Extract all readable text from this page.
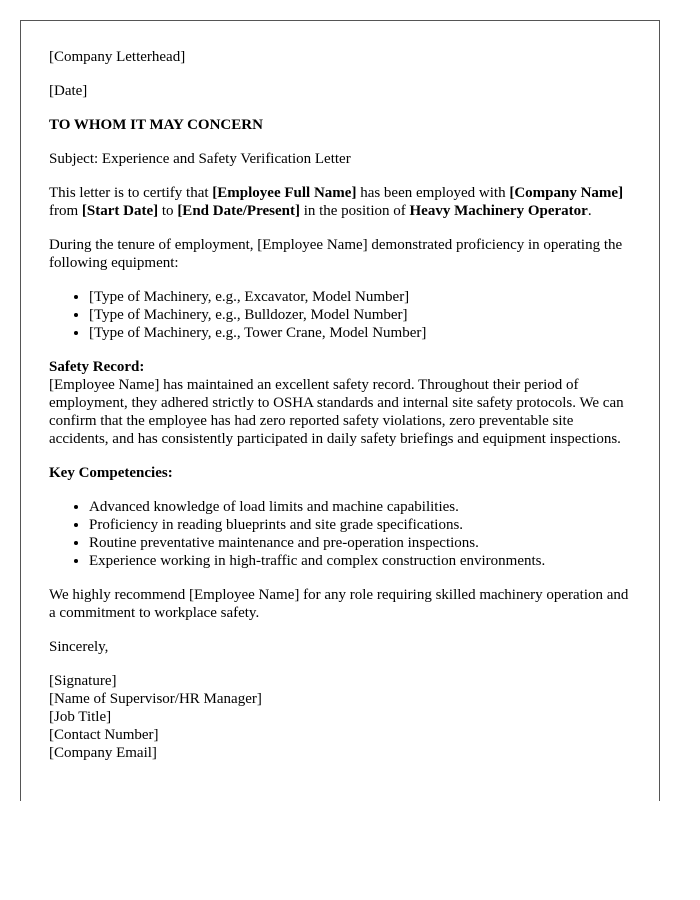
[Company Letterhead]

[Date]

TO WHOM IT MAY CONCERN

Subject: Experience and Safety Verification Letter

This letter is to certify that [Employee Full Name] has been employed with [Company Name] from [Start Date] to [End Date/Present] in the position of Heavy Machinery Operator.

During the tenure of employment, [Employee Name] demonstrated proficiency in operating the following equipment:

• [Type of Machinery, e.g., Excavator, Model Number]
• [Type of Machinery, e.g., Bulldozer, Model Number]
• [Type of Machinery, e.g., Tower Crane, Model Number]

Safety Record:
[Employee Name] has maintained an excellent safety record. Throughout their period of employment, they adhered strictly to OSHA standards and internal site safety protocols. We can confirm that the employee has had zero reported safety violations, zero preventable site accidents, and has consistently participated in daily safety briefings and equipment inspections.

Key Competencies:

• Advanced knowledge of load limits and machine capabilities.
• Proficiency in reading blueprints and site grade specifications.
• Routine preventative maintenance and pre-operation inspections.
• Experience working in high-traffic and complex construction environments.

We highly recommend [Employee Name] for any role requiring skilled machinery operation and a commitment to workplace safety.

Sincerely,

[Signature]
[Name of Supervisor/HR Manager]
[Job Title]
[Contact Number]
[Company Email]
